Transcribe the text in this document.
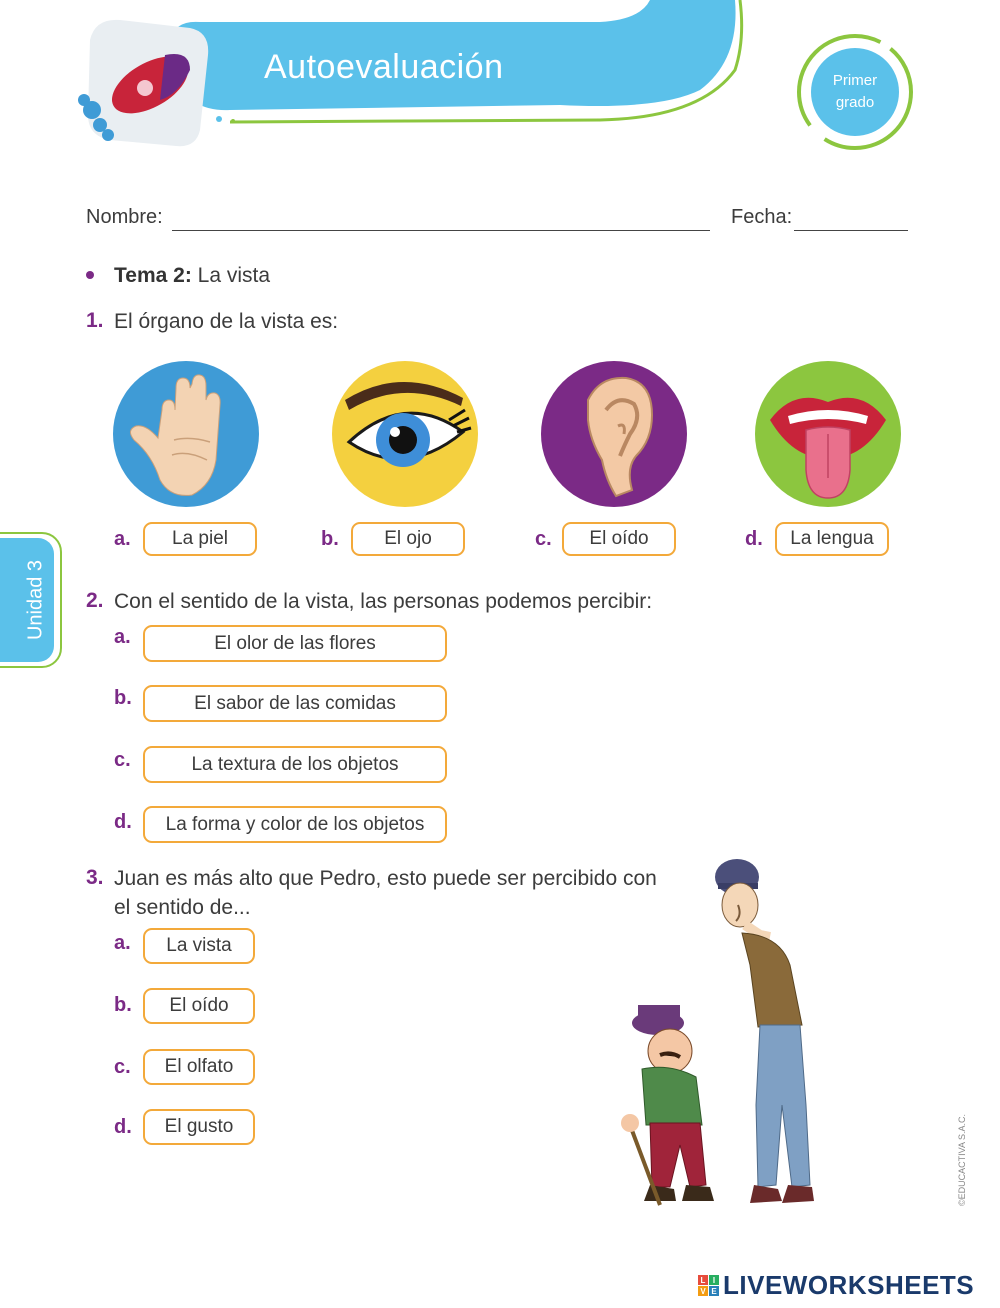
Autoevaluación	Primer
grado
Nombre:	Fecha:
Tema 2: La vista
1. El órgano de la vista es:
a.	La piel	b.	El ojo	c.	El oído	d.	La lengua
Unidad 3 2. Con el sentido de la vista, las personas podemos percibir:
a.	El olor de las flores
b.	El sabor de las comidas
c.	La textura de los objetos
d.	La forma y color de los objetos
3. Juan es más alto que Pedro, esto puede ser percibido con
el sentido de...
a.	La vista
b.	El oído
c.	El olfato
d.	El gusto	©EDUCACTIVA S.A.C.
L I
V E LIVEWORKSHEETS
